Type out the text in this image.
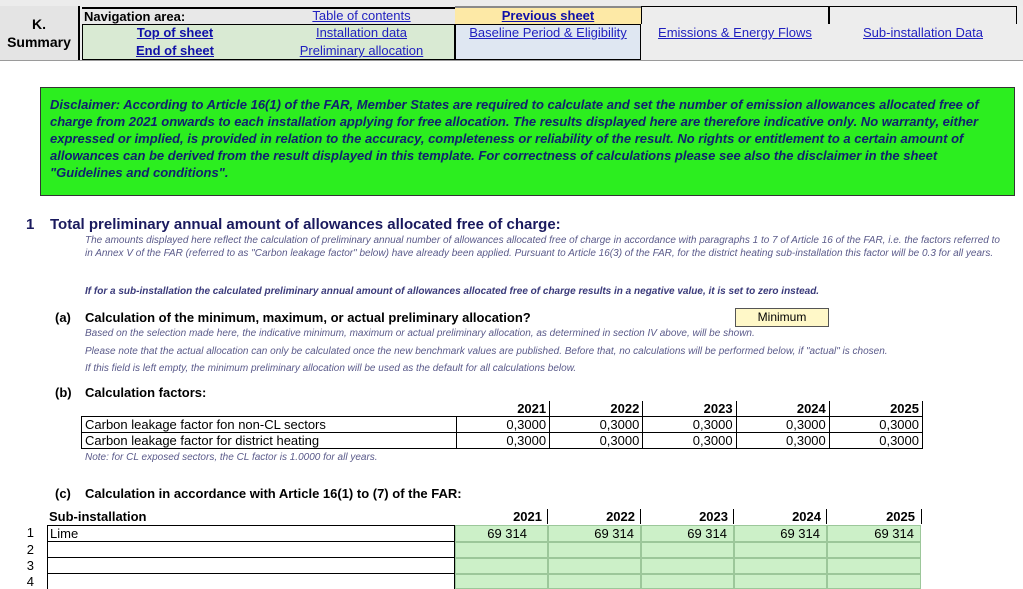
K.
Summary
Navigation area:
Top of sheet
End of sheet
Table of contents
Installation data
Preliminary allocation
Previous sheet
Baseline Period & Eligibility	Emissions & Energy Flows	Sub-installation Data
Disclaimer: According to Article 16(1) of the FAR, Member States are required to calculate and set the number of emission allowances allocated free of charge from 2021 onwards to each installation applying for free allocation. The results displayed here are therefore indicative only. No warranty, either expressed or implied, is provided in relation to the accuracy, completeness or reliability of the result. No rights or entitlement to a certain amount of allowances can be derived from the result displayed in this template. For correctness of calculations please see also the disclaimer in the sheet "Guidelines and conditions".
1 Total preliminary annual amount of allowances allocated free of charge:
The amounts displayed here reflect the calculation of preliminary annual number of allowances allocated free of charge in accordance with paragraphs 1 to 7 of Article 16 of the FAR, i.e. the factors referred to in Annex V of the FAR (referred to as "Carbon leakage factor" below) have already been applied. Pursuant to Article 16(3) of the FAR, for the district heating sub-installation this factor will be 0.3 for all years.
If for a sub-installation the calculated preliminary annual amount of allowances allocated free of charge results in a negative value, it is set to zero instead.
(a) Calculation of the minimum, maximum, or actual preliminary allocation?	Minimum
Based on the selection made here, the indicative minimum, maximum or actual preliminary allocation, as determined in section IV above, will be shown.
Please note that the actual allocation can only be calculated once the new benchmark values are published. Before that, no calculations will be performed below, if "actual" is chosen.
If this field is left empty, the minimum preliminary allocation will be used as the default for all calculations below.
(b) Calculation factors:
	2021	2022	2023	2024	2025
Carbon leakage factor fon non-CL sectors	0,3000	0,3000	0,3000	0,3000	0,3000
Carbon leakage factor for district heating	0,3000	0,3000	0,3000	0,3000	0,3000
Note: for CL exposed sectors, the CL factor is 1.0000 for all years.
(c) Calculation in accordance with Article 16(1) to (7) of the FAR:
Sub-installation	2021	2022	2023	2024	2025
1 Lime	69 314	69 314	69 314	69 314	69 314
2
3
4
